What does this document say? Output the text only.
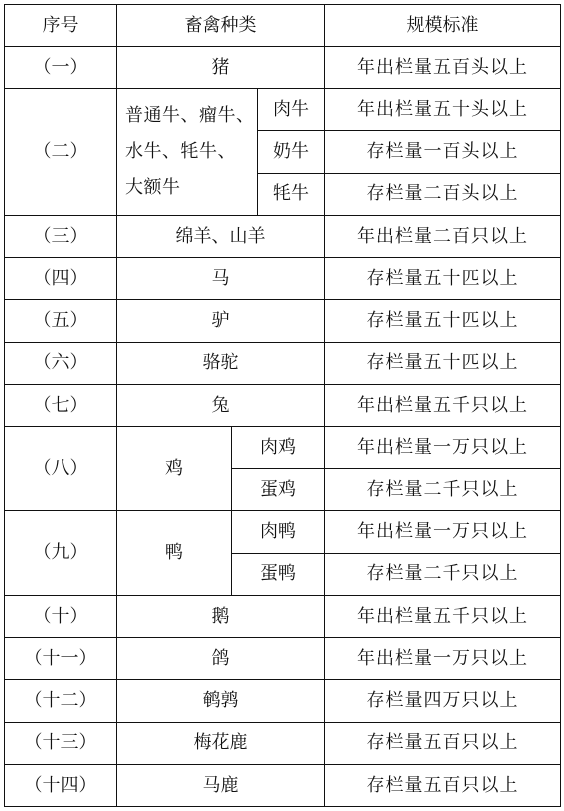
序号	畜禽种类			规模标准
（一）	猪			年出栏量五百头以上
（二）	普通牛、瘤牛、
水牛、牦牛、
大额牛		肉牛	年出栏量五十头以上
			奶牛	存栏量一百头以上
			牦牛	存栏量二百头以上
（三）	绵羊、山羊			年出栏量二百只以上
（四）	马			存栏量五十匹以上
（五）	驴			存栏量五十匹以上
（六）	骆驼			存栏量五十匹以上
（七）	兔			年出栏量五千只以上
（八）	鸡	肉鸡		年出栏量一万只以上
		蛋鸡		存栏量二千只以上
（九）	鸭	肉鸭		年出栏量一万只以上
		蛋鸭		存栏量二千只以上
（十）	鹅			年出栏量五千只以上
（十一）	鸽			年出栏量一万只以上
（十二）	鹌鹑			存栏量四万只以上
（十三）	梅花鹿			存栏量五百只以上
（十四）	马鹿			存栏量五百只以上
